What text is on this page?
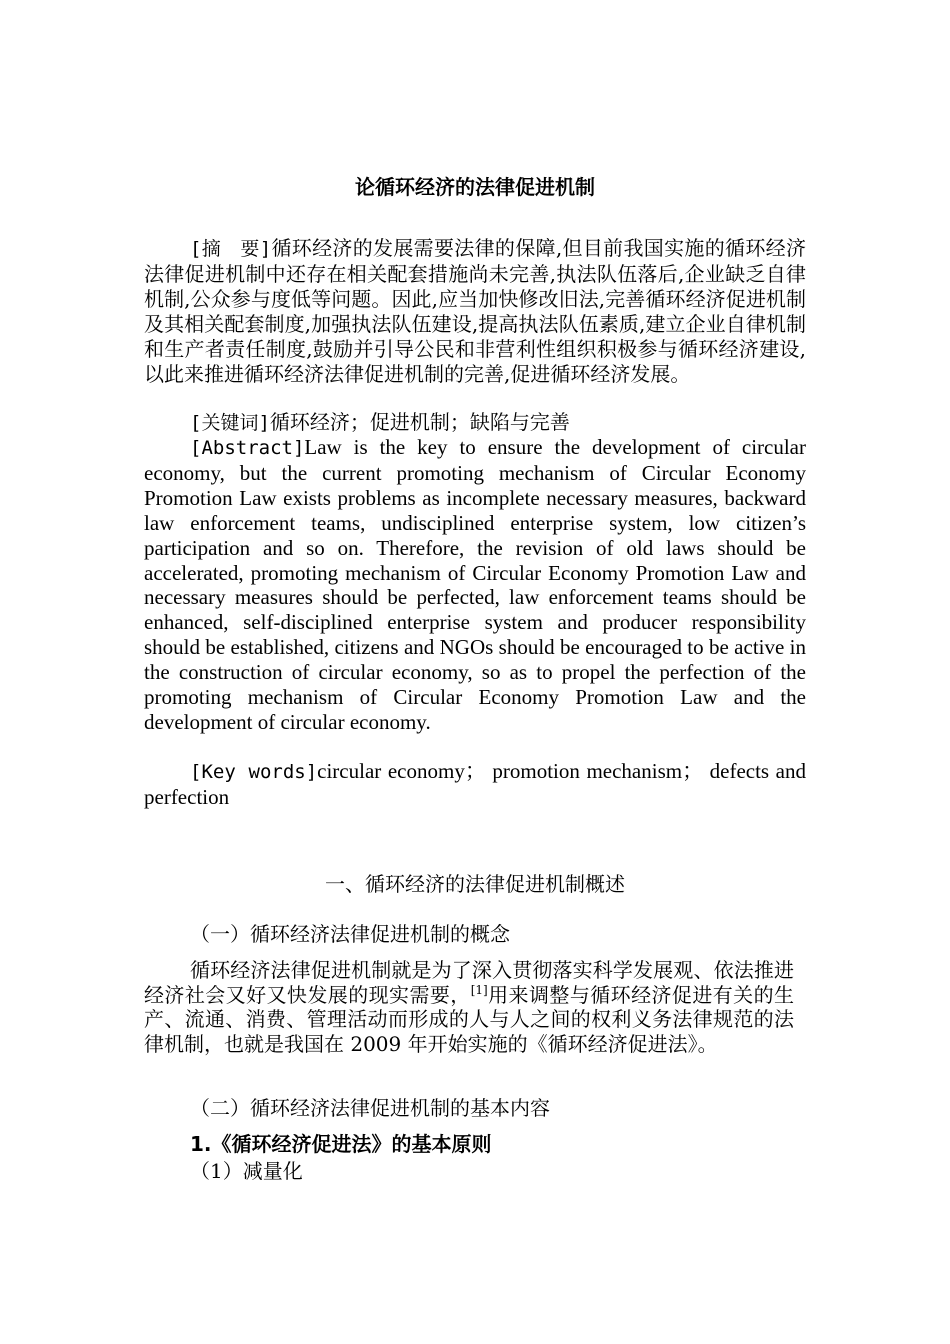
论循环经济的法律促进机制
[摘　要]循环经济的发展需要法律的保障,但目前我国实施的循环经济法律促进机制中还存在相关配套措施尚未完善,执法队伍落后,企业缺乏自律机制,公众参与度低等问题。因此,应当加快修改旧法,完善循环经济促进机制及其相关配套制度,加强执法队伍建设,提高执法队伍素质,建立企业自律机制和生产者责任制度,鼓励并引导公民和非营利性组织积极参与循环经济建设,以此来推进循环经济法律促进机制的完善,促进循环经济发展。
[关键词]循环经济；促进机制；缺陷与完善
[Abstract]Law is the key to ensure the development of circular economy, but the current promoting mechanism of Circular Economy Promotion Law exists problems as incomplete necessary measures, backward law enforcement teams, undisciplined enterprise system, low citizen’s participation and so on. Therefore, the revision of old laws should be accelerated, promoting mechanism of Circular Economy Promotion Law and necessary measures should be perfected, law enforcement teams should be enhanced, self-disciplined enterprise system and producer responsibility should be established, citizens and NGOs should be encouraged to be active in the construction of circular economy, so as to propel the perfection of the promoting mechanism of Circular Economy Promotion Law and the development of circular economy.
[Key words]circular economy； promotion mechanism； defects and perfection
一、循环经济的法律促进机制概述
（一）循环经济法律促进机制的概念
循环经济法律促进机制就是为了深入贯彻落实科学发展观、依法推进经济社会又好又快发展的现实需要，[1]用来调整与循环经济促进有关的生产、流通、消费、管理活动而形成的人与人之间的权利义务法律规范的法律机制，也就是我国在 2009 年开始实施的《循环经济促进法》。
（二）循环经济法律促进机制的基本内容
1.《循环经济促进法》的基本原则
（1）减量化
